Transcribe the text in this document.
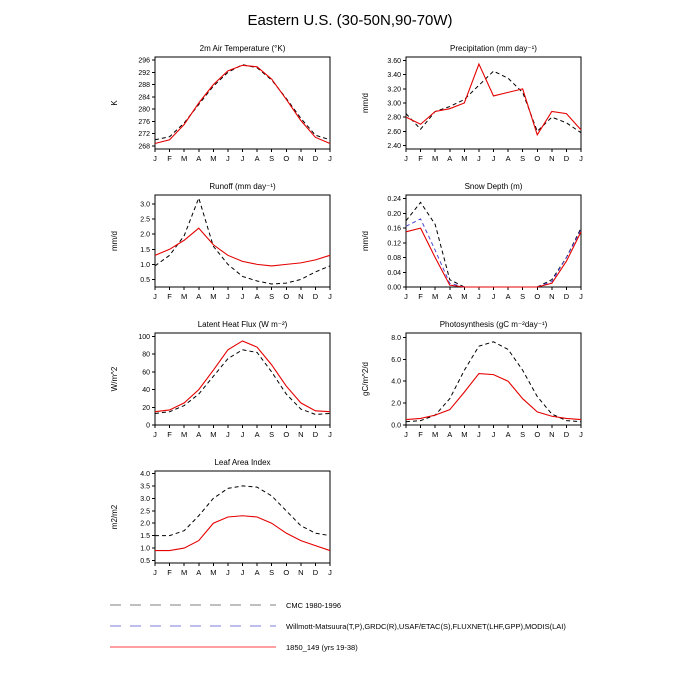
Eastern U.S. (30-50N,90-70W)
2m Air Temperature (°K)
K
268
272
276
280
284
288
292
296
J F M A M J J A S O N D J
Precipitation (mm day⁻¹)
mm/d
2.40
2.60
2.80
3.00
3.20
3.40
3.60
J F M A M J J A S O N D J
Runoff (mm day⁻¹)
mm/d
0.5
1.0
1.5
2.0
2.5
3.0
J F M A M J J A S O N D J
Snow Depth (m)
mm/d
0.00
0.04
0.08
0.12
0.16
0.20
0.24
J F M A M J J A S O N D J
Latent Heat Flux (W m⁻²)
W/m^2
0
20
40
60
80
100
J F M A M J J A S O N D J
Photosynthesis (gC m⁻²day⁻¹)
gC/m^2/d
0.0
2.0
4.0
6.0
8.0
J F M A M J J A S O N D J
Leaf Area Index
m2/m2
0.5
1.0
1.5
2.0
2.5
3.0
3.5
4.0
J F M A M J J A S O N D J
CMC 1980-1996
Willmott-Matsuura(T,P),GRDC(R),USAF/ETAC(S),FLUXNET(LHF,GPP),MODIS(LAI)
1850_149 (yrs 19-38)
